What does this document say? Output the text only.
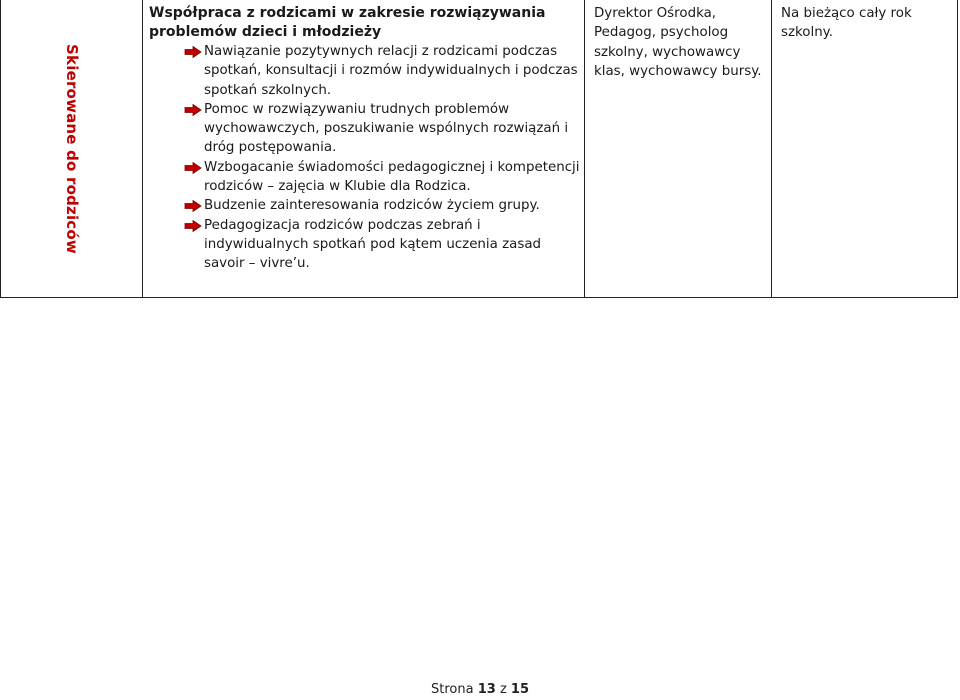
Skierowane do rodziców

Współpraca z rodzicami w zakresie rozwiązywania problemów dzieci i młodzieży

Nawiązanie pozytywnych relacji z rodzicami podczas spotkań, konsultacji i rozmów indywidualnych i podczas spotkań szkolnych.
Pomoc w rozwiązywaniu trudnych problemów wychowawczych, poszukiwanie wspólnych rozwiązań i dróg postępowania.
Wzbogacanie świadomości pedagogicznej i kompetencji rodziców – zajęcia w Klubie dla Rodzica.
Budzenie zainteresowania rodziców życiem grupy.
Pedagogizacja rodziców podczas zebrań i indywidualnych spotkań pod kątem uczenia zasad savoir – vivre’u.

Dyrektor Ośrodka, Pedagog, psycholog szkolny, wychowawcy klas, wychowawcy bursy.

Na bieżąco cały rok szkolny.

Strona 13 z 15
